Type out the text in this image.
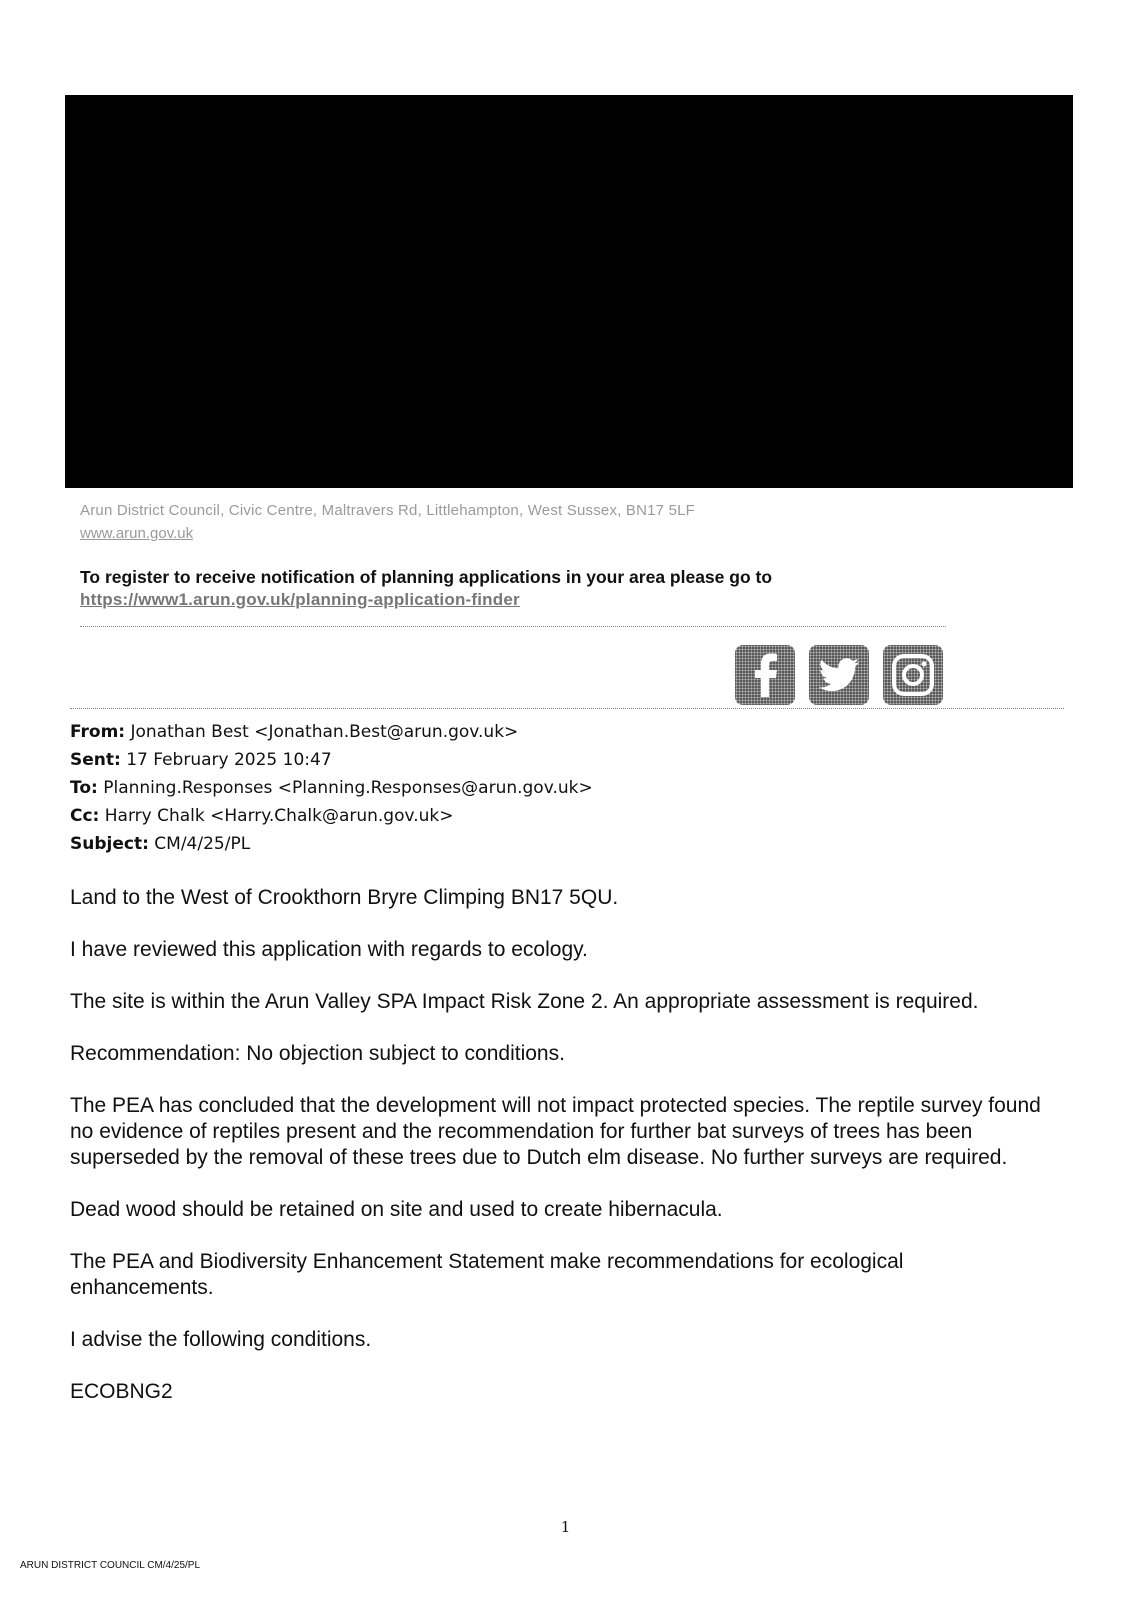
Arun District Council, Civic Centre, Maltravers Rd, Littlehampton, West Sussex, BN17 5LF
www.arun.gov.uk
To register to receive notification of planning applications in your area please go to
https://www1.arun.gov.uk/planning-application-finder
From: Jonathan Best <Jonathan.Best@arun.gov.uk>
Sent: 17 February 2025 10:47
To: Planning.Responses <Planning.Responses@arun.gov.uk>
Cc: Harry Chalk <Harry.Chalk@arun.gov.uk>
Subject: CM/4/25/PL

Land to the West of Crookthorn Bryre Climping BN17 5QU.

I have reviewed this application with regards to ecology.

The site is within the Arun Valley SPA Impact Risk Zone 2. An appropriate assessment is required.

Recommendation: No objection subject to conditions.

The PEA has concluded that the development will not impact protected species. The reptile survey found no evidence of reptiles present and the recommendation for further bat surveys of trees has been superseded by the removal of these trees due to Dutch elm disease. No further surveys are required.

Dead wood should be retained on site and used to create hibernacula.

The PEA and Biodiversity Enhancement Statement make recommendations for ecological enhancements.

I advise the following conditions.

ECOBNG2

1
ARUN DISTRICT COUNCIL CM/4/25/PL
